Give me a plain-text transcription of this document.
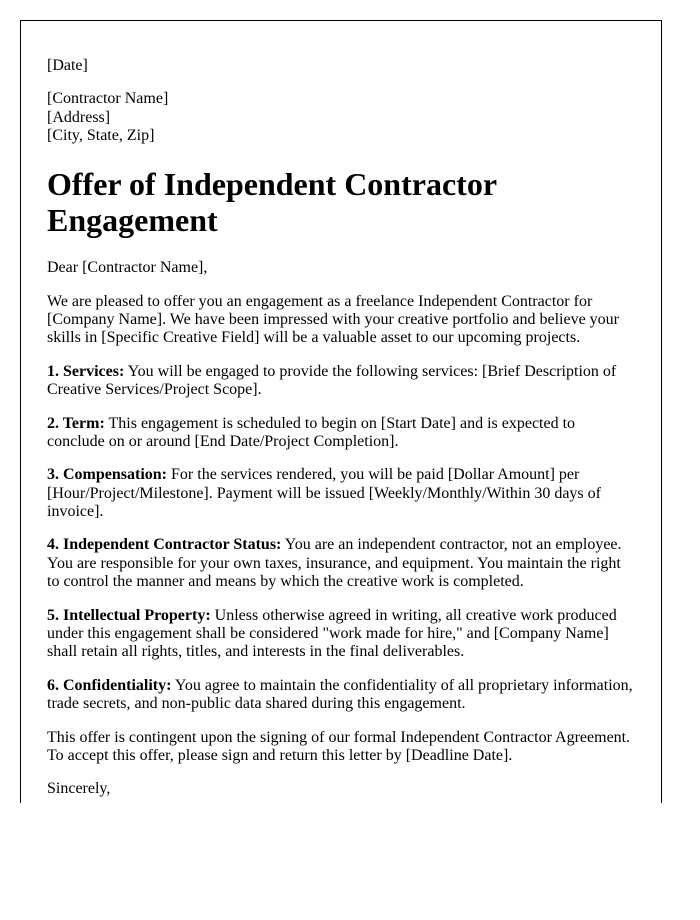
[Date]

[Contractor Name]
[Address]
[City, State, Zip]

Offer of Independent Contractor Engagement

Dear [Contractor Name],

We are pleased to offer you an engagement as a freelance Independent Contractor for [Company Name]. We have been impressed with your creative portfolio and believe your skills in [Specific Creative Field] will be a valuable asset to our upcoming projects.

1. Services: You will be engaged to provide the following services: [Brief Description of Creative Services/Project Scope].

2. Term: This engagement is scheduled to begin on [Start Date] and is expected to conclude on or around [End Date/Project Completion].

3. Compensation: For the services rendered, you will be paid [Dollar Amount] per [Hour/Project/Milestone]. Payment will be issued [Weekly/Monthly/Within 30 days of invoice].

4. Independent Contractor Status: You are an independent contractor, not an employee. You are responsible for your own taxes, insurance, and equipment. You maintain the right to control the manner and means by which the creative work is completed.

5. Intellectual Property: Unless otherwise agreed in writing, all creative work produced under this engagement shall be considered "work made for hire," and [Company Name] shall retain all rights, titles, and interests in the final deliverables.

6. Confidentiality: You agree to maintain the confidentiality of all proprietary information, trade secrets, and non-public data shared during this engagement.

This offer is contingent upon the signing of our formal Independent Contractor Agreement. To accept this offer, please sign and return this letter by [Deadline Date].

Sincerely,
